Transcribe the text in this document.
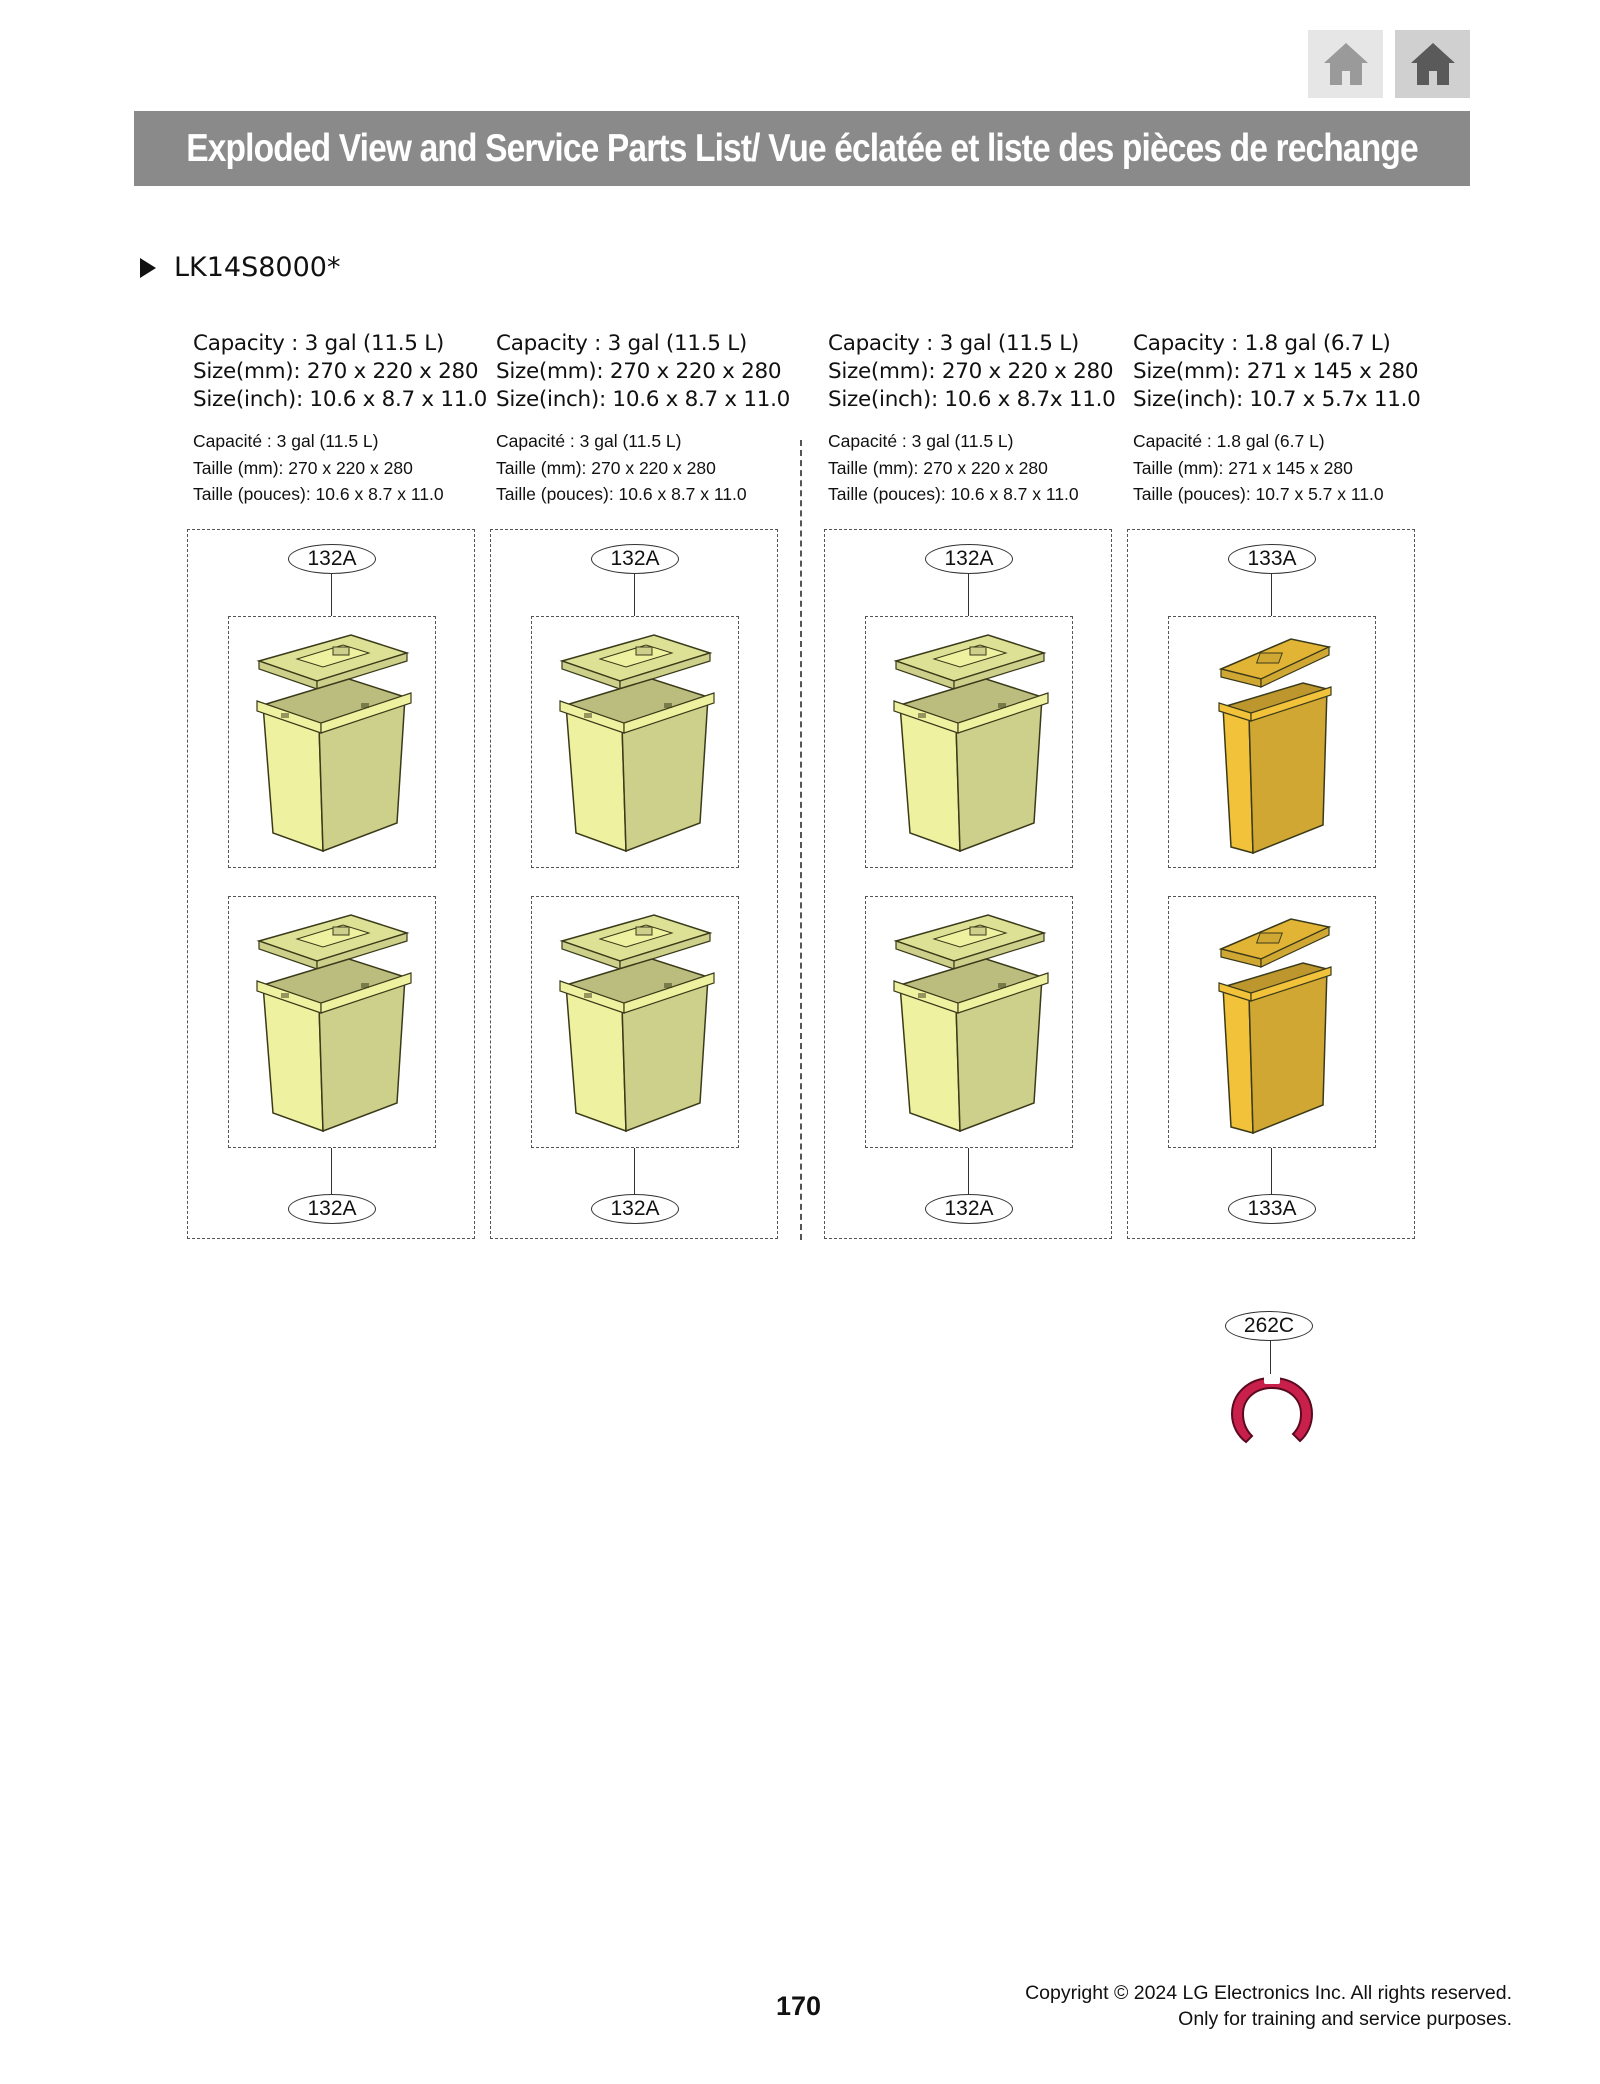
Exploded View and Service Parts List/ Vue éclatée et liste des pièces de rechange
LK14S8000*
Capacity : 3 gal (11.5 L)
Size(mm): 270 x 220 x 280
Size(inch): 10.6 x 8.7 x 11.0
Capacité : 3 gal (11.5 L)
Taille (mm): 270 x 220 x 280
Taille (pouces): 10.6 x 8.7 x 11.0
Capacity : 3 gal (11.5 L)
Size(mm): 270 x 220 x 280
Size(inch): 10.6 x 8.7 x 11.0
Capacité : 3 gal (11.5 L)
Taille (mm): 270 x 220 x 280
Taille (pouces): 10.6 x 8.7 x 11.0
Capacity : 3 gal (11.5 L)
Size(mm): 270 x 220 x 280
Size(inch): 10.6 x 8.7x 11.0
Capacité : 3 gal (11.5 L)
Taille (mm): 270 x 220 x 280
Taille (pouces): 10.6 x 8.7 x 11.0
Capacity : 1.8 gal (6.7 L)
Size(mm): 271 x 145 x 280
Size(inch): 10.7 x 5.7x 11.0
Capacité : 1.8 gal (6.7 L)
Taille (mm): 271 x 145 x 280
Taille (pouces): 10.7 x 5.7 x 11.0
132A
132A
132A
132A
132A
132A
133A
133A
262C
170	Copyright © 2024 LG Electronics Inc. All rights reserved.
Only for training and service purposes.
